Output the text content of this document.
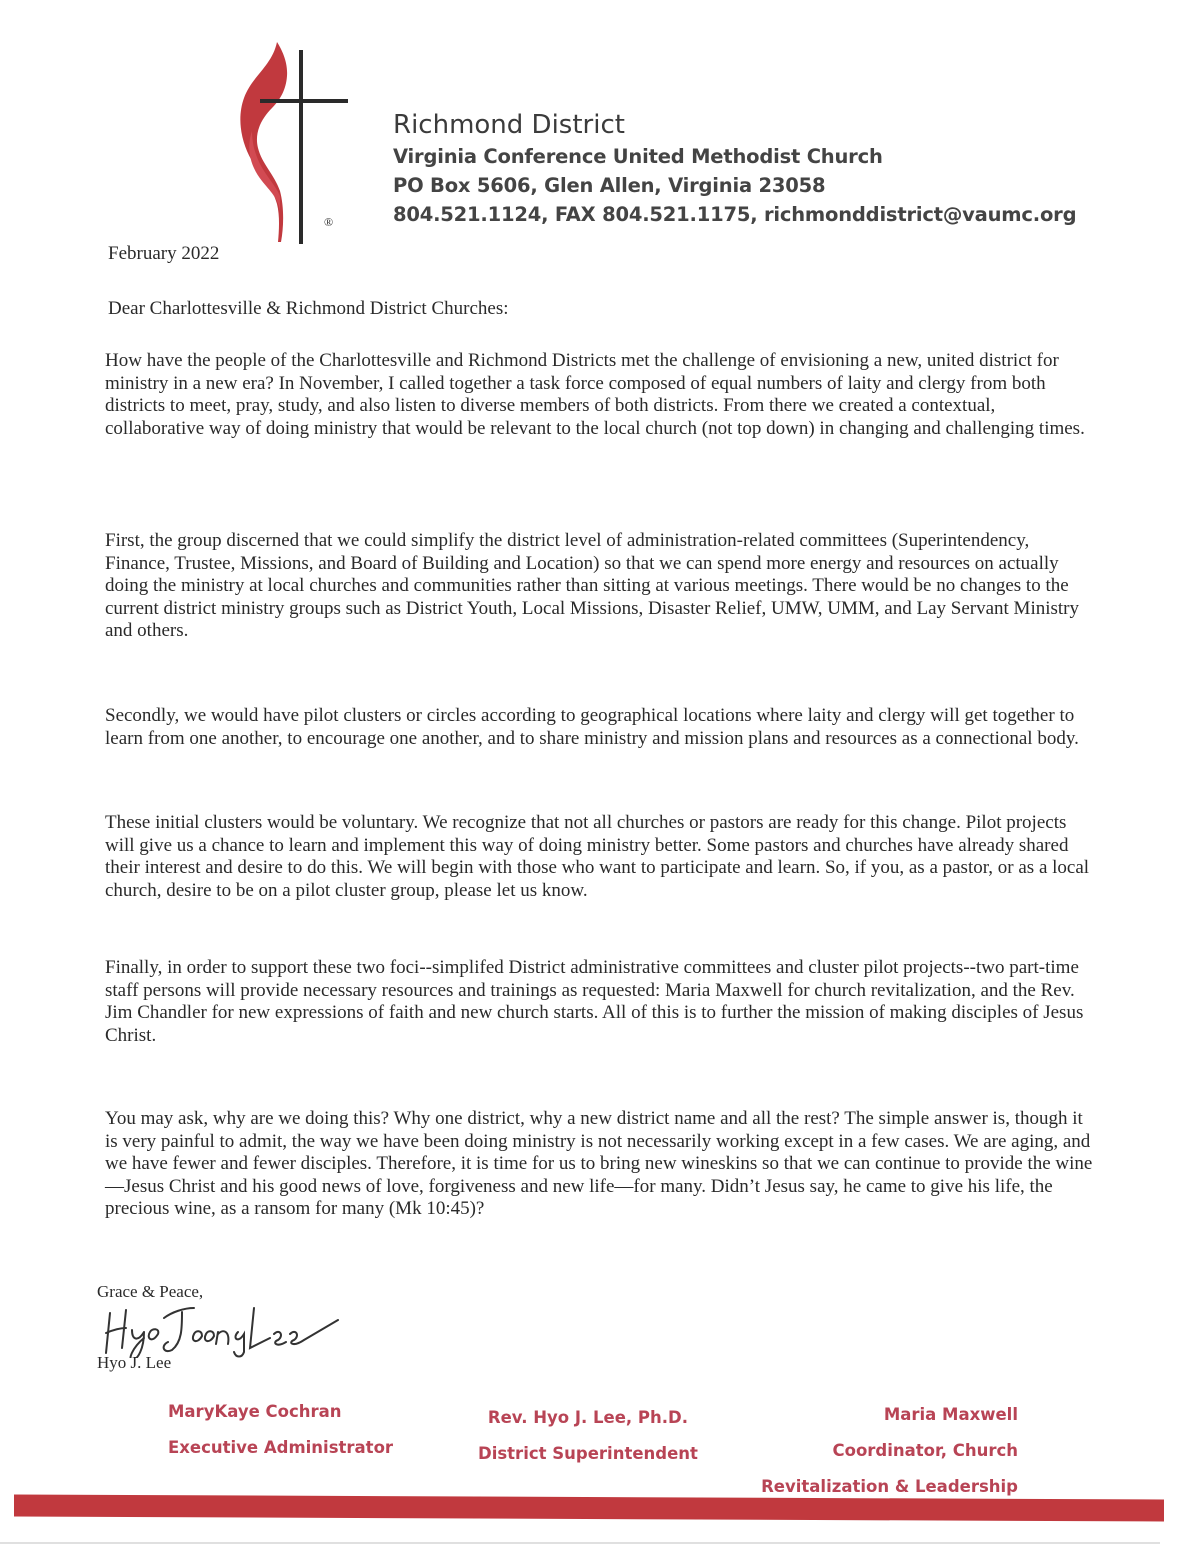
®
Richmond District
Virginia Conference United Methodist Church
PO Box 5606, Glen Allen, Virginia 23058
804.521.1124, FAX 804.521.1175, richmonddistrict@vaumc.org
February 2022
Dear Charlottesville & Richmond District Churches:

How have the people of the Charlottesville and Richmond Districts met the challenge of envisioning a new, united district for ministry in a new era? In November, I called together a task force composed of equal numbers of laity and clergy from both districts to meet, pray, study, and also listen to diverse members of both districts. From there we created a contextual, collaborative way of doing ministry that would be relevant to the local church (not top down) in changing and challenging times.

First, the group discerned that we could simplify the district level of administration-related committees (Superintendency, Finance, Trustee, Missions, and Board of Building and Location) so that we can spend more energy and resources on actually doing the ministry at local churches and communities rather than sitting at various meetings. There would be no changes to the current district ministry groups such as District Youth, Local Missions, Disaster Relief, UMW, UMM, and Lay Servant Ministry and others.

Secondly, we would have pilot clusters or circles according to geographical locations where laity and clergy will get together to learn from one another, to encourage one another, and to share ministry and mission plans and resources as a connectional body.

These initial clusters would be voluntary. We recognize that not all churches or pastors are ready for this change. Pilot projects will give us a chance to learn and implement this way of doing ministry better. Some pastors and churches have already shared their interest and desire to do this. We will begin with those who want to participate and learn. So, if you, as a pastor, or as a local church, desire to be on a pilot cluster group, please let us know.

Finally, in order to support these two foci--simplifed District administrative committees and cluster pilot projects--two part-time staff persons will provide necessary resources and trainings as requested: Maria Maxwell for church revitalization, and the Rev. Jim Chandler for new expressions of faith and new church starts. All of this is to further the mission of making disciples of Jesus Christ.

You may ask, why are we doing this? Why one district, why a new district name and all the rest? The simple answer is, though it is very painful to admit, the way we have been doing ministry is not necessarily working except in a few cases. We are aging, and we have fewer and fewer disciples. Therefore, it is time for us to bring new wineskins so that we can continue to provide the wine—Jesus Christ and his good news of love, forgiveness and new life—for many. Didn’t Jesus say, he came to give his life, the precious wine, as a ransom for many (Mk 10:45)?

Grace & Peace,
Hyo J. Lee
MaryKaye Cochran
Executive Administrator
Rev. Hyo J. Lee, Ph.D.
District Superintendent
Maria Maxwell
Coordinator, Church
Revitalization & Leadership
